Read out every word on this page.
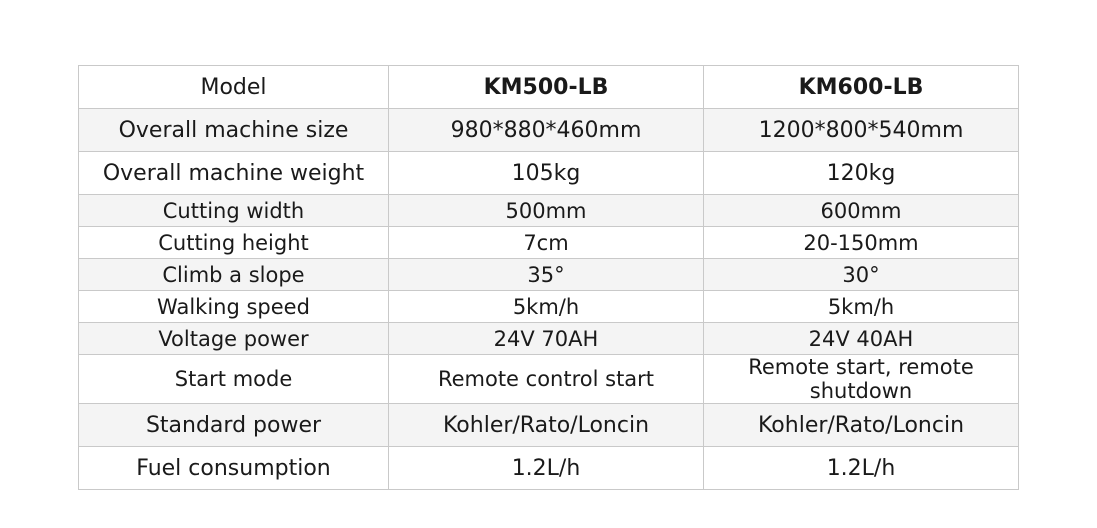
Model	KM500-LB	KM600-LB
Overall machine size	980*880*460mm	1200*800*540mm
Overall machine weight	105kg	120kg
Cutting width	500mm	600mm
Cutting height	7cm	20-150mm
Climb a slope	35°	30°
Walking speed	5km/h	5km/h
Voltage power	24V 70AH	24V 40AH
Start mode	Remote control start	Remote start, remote shutdown
Standard power	Kohler/Rato/Loncin	Kohler/Rato/Loncin
Fuel consumption	1.2L/h	1.2L/h
